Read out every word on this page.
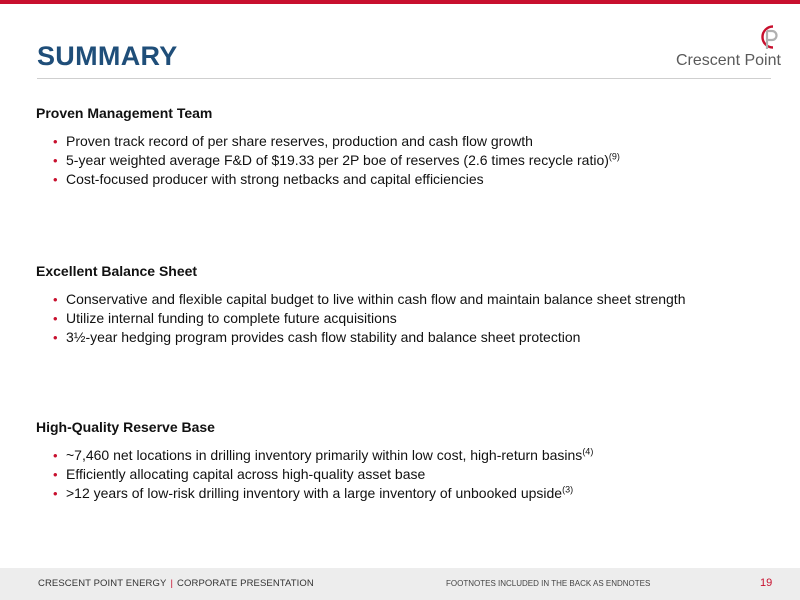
SUMMARY	Crescent Point
Proven Management Team
• Proven track record of per share reserves, production and cash flow growth
• 5-year weighted average F&D of $19.33 per 2P boe of reserves (2.6 times recycle ratio)$^{(9)}$
• Cost-focused producer with strong netbacks and capital efficiencies
Excellent Balance Sheet
• Conservative and flexible capital budget to live within cash flow and maintain balance sheet strength
• Utilize internal funding to complete future acquisitions
• 3½-year hedging program provides cash flow stability and balance sheet protection
High-Quality Reserve Base
• ~7,460 net locations in drilling inventory primarily within low cost, high-return basins$^{(4)}$
• Efficiently allocating capital across high-quality asset base
• >12 years of low-risk drilling inventory with a large inventory of unbooked upside$^{(3)}$
CRESCENT POINT ENERGY | CORPORATE PRESENTATION	FOOTNOTES INCLUDED IN THE BACK AS ENDNOTES	19
